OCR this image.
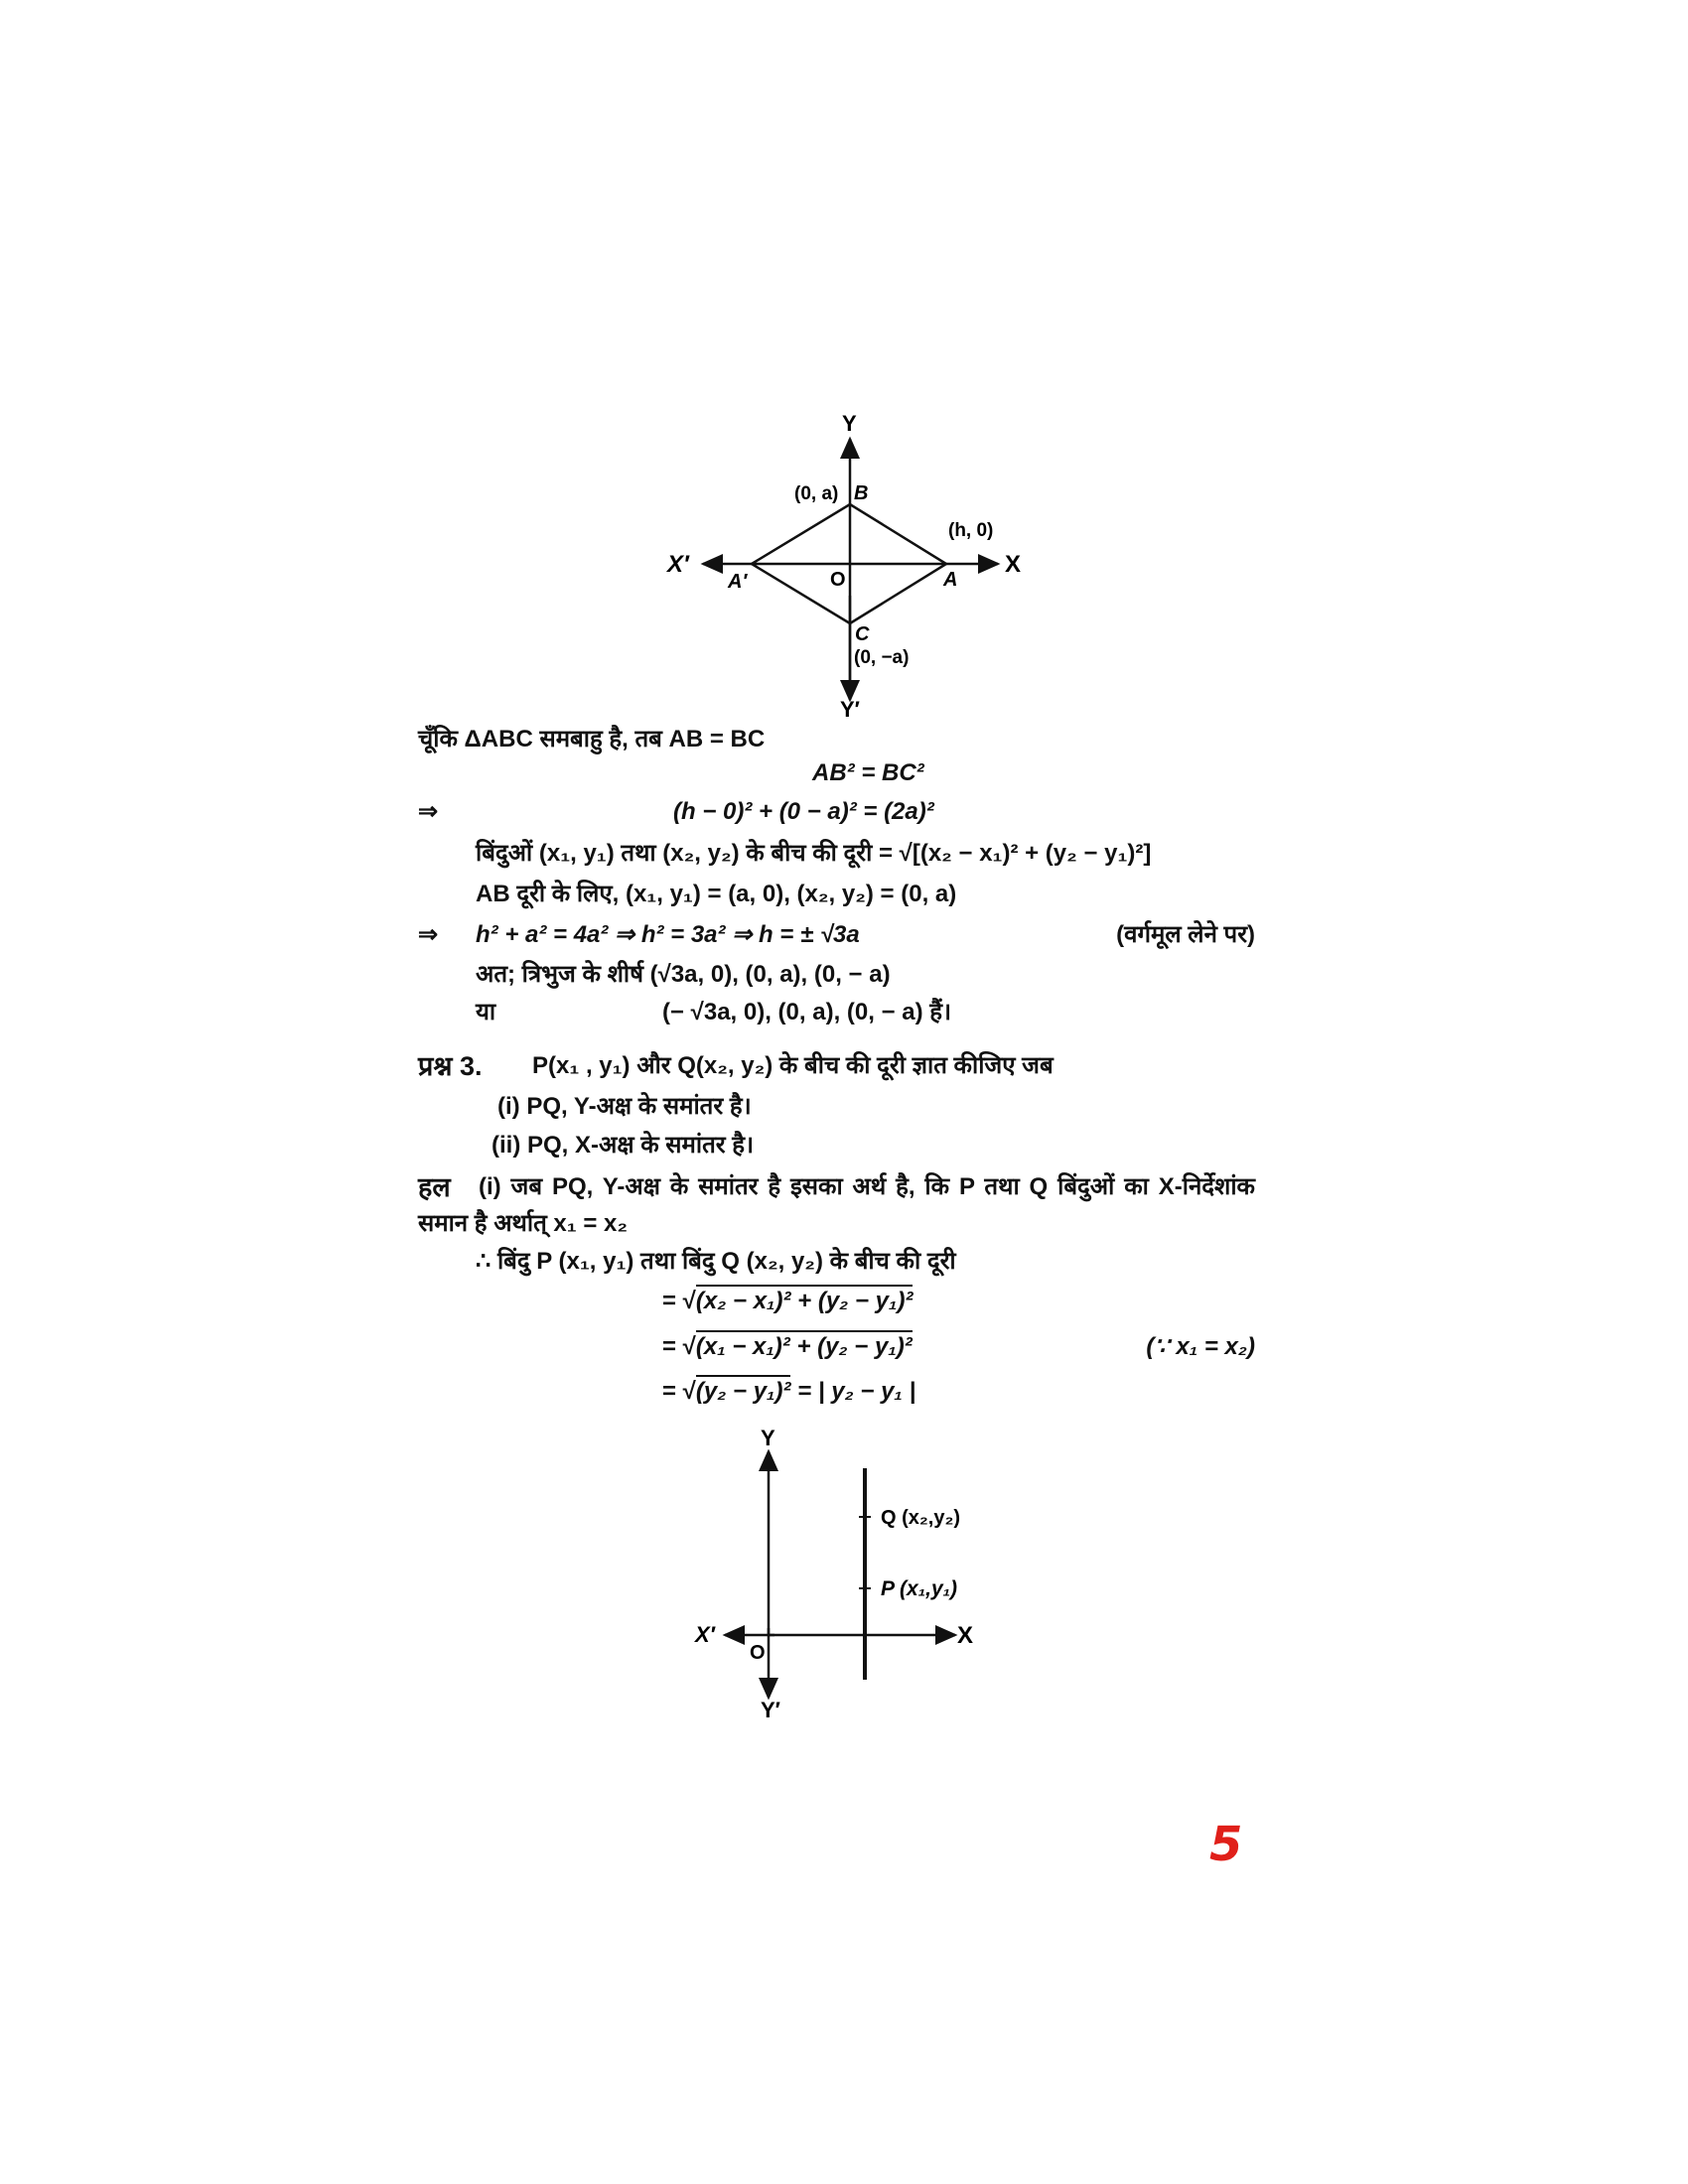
Y
Y′
X
X′
O	A
A′
B
C
(0, a)
(h, 0)
(0, −a)
चूँकि ΔABC समबाहु है, तब AB = BC
AB² = BC²
⇒	(h − 0)² + (0 − a)² = (2a)²
बिंदुओं (x₁, y₁) तथा (x₂, y₂) के बीच की दूरी = √[(x₂ − x₁)² + (y₂ − y₁)²]
AB दूरी के लिए, (x₁, y₁) = (a, 0), (x₂, y₂) = (0, a)
⇒ h² + a² = 4a² ⇒ h² = 3a² ⇒ h = ± √3a	(वर्गमूल लेने पर)
अत; त्रिभुज के शीर्ष (√3a, 0), (0, a), (0, − a)
या	(− √3a, 0), (0, a), (0, − a) हैं।
प्रश्न 3. P(x₁ , y₁) और Q(x₂, y₂) के बीच की दूरी ज्ञात कीजिए जब
(i) PQ, Y-अक्ष के समांतर है।
(ii) PQ, X-अक्ष के समांतर है।
हल (i) जब PQ, Y-अक्ष के समांतर है इसका अर्थ है, कि P तथा Q बिंदुओं का X-निर्देशांक
समान है अर्थात् x₁ = x₂
∴ बिंदु P (x₁, y₁) तथा बिंदु Q (x₂, y₂) के बीच की दूरी
= √(x₂ − x₁)² + (y₂ − y₁)²
= √(x₁ − x₁)² + (y₂ − y₁)²	(∵ x₁ = x₂)
= √(y₂ − y₁)² = | y₂ − y₁ |
Y
Y′
X
X′
O
Q (x₂,y₂)
P (x₁,y₁)
5
